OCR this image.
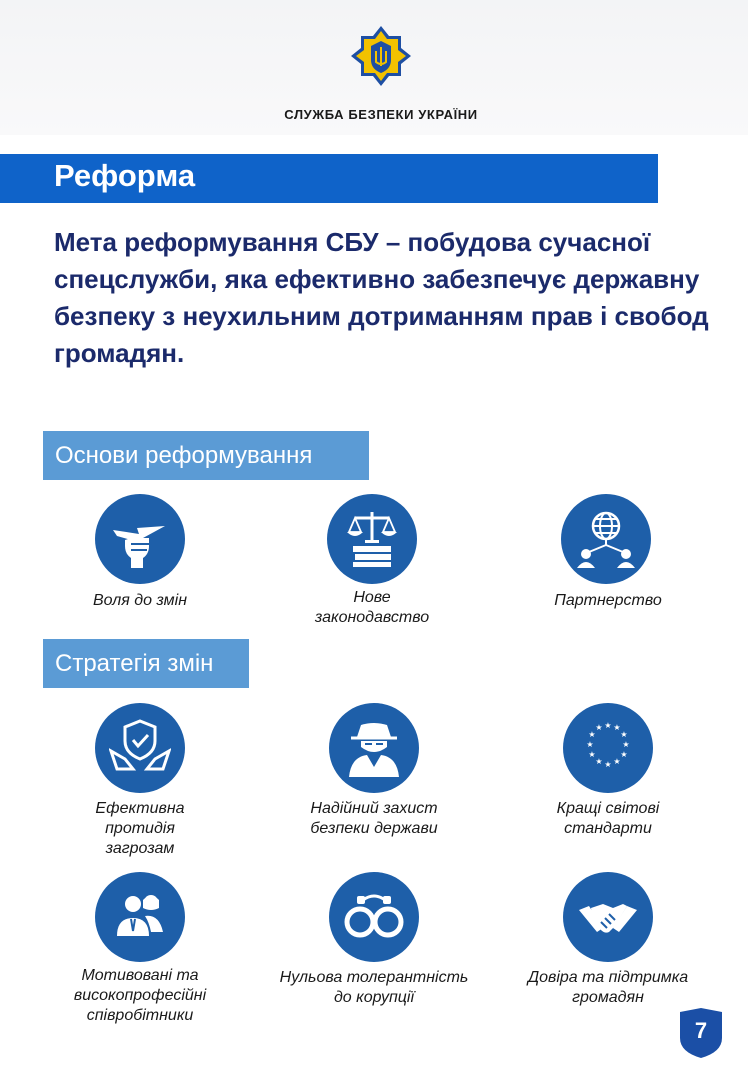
СЛУЖБА БЕЗПЕКИ УКРАЇНИ
Реформа
Мета реформування СБУ – побудова сучасної спецслужби, яка ефективно забезпечує державну безпеку з неухильним дотриманням прав і свобод громадян.
Основи реформування
Воля до змін	Нове
законодавство
Партнерство
Стратегія змін
Ефективна
протидія
загрозам
Надійний захист
безпеки держави
★ ★
★
★
★
★
★
★
★
★
★
★
Кращі світові
стандарти
Мотивовані та
високопрофесійні
співробітники
Нульова толерантність
до корупції
Довіра та підтримка
громадян
7
